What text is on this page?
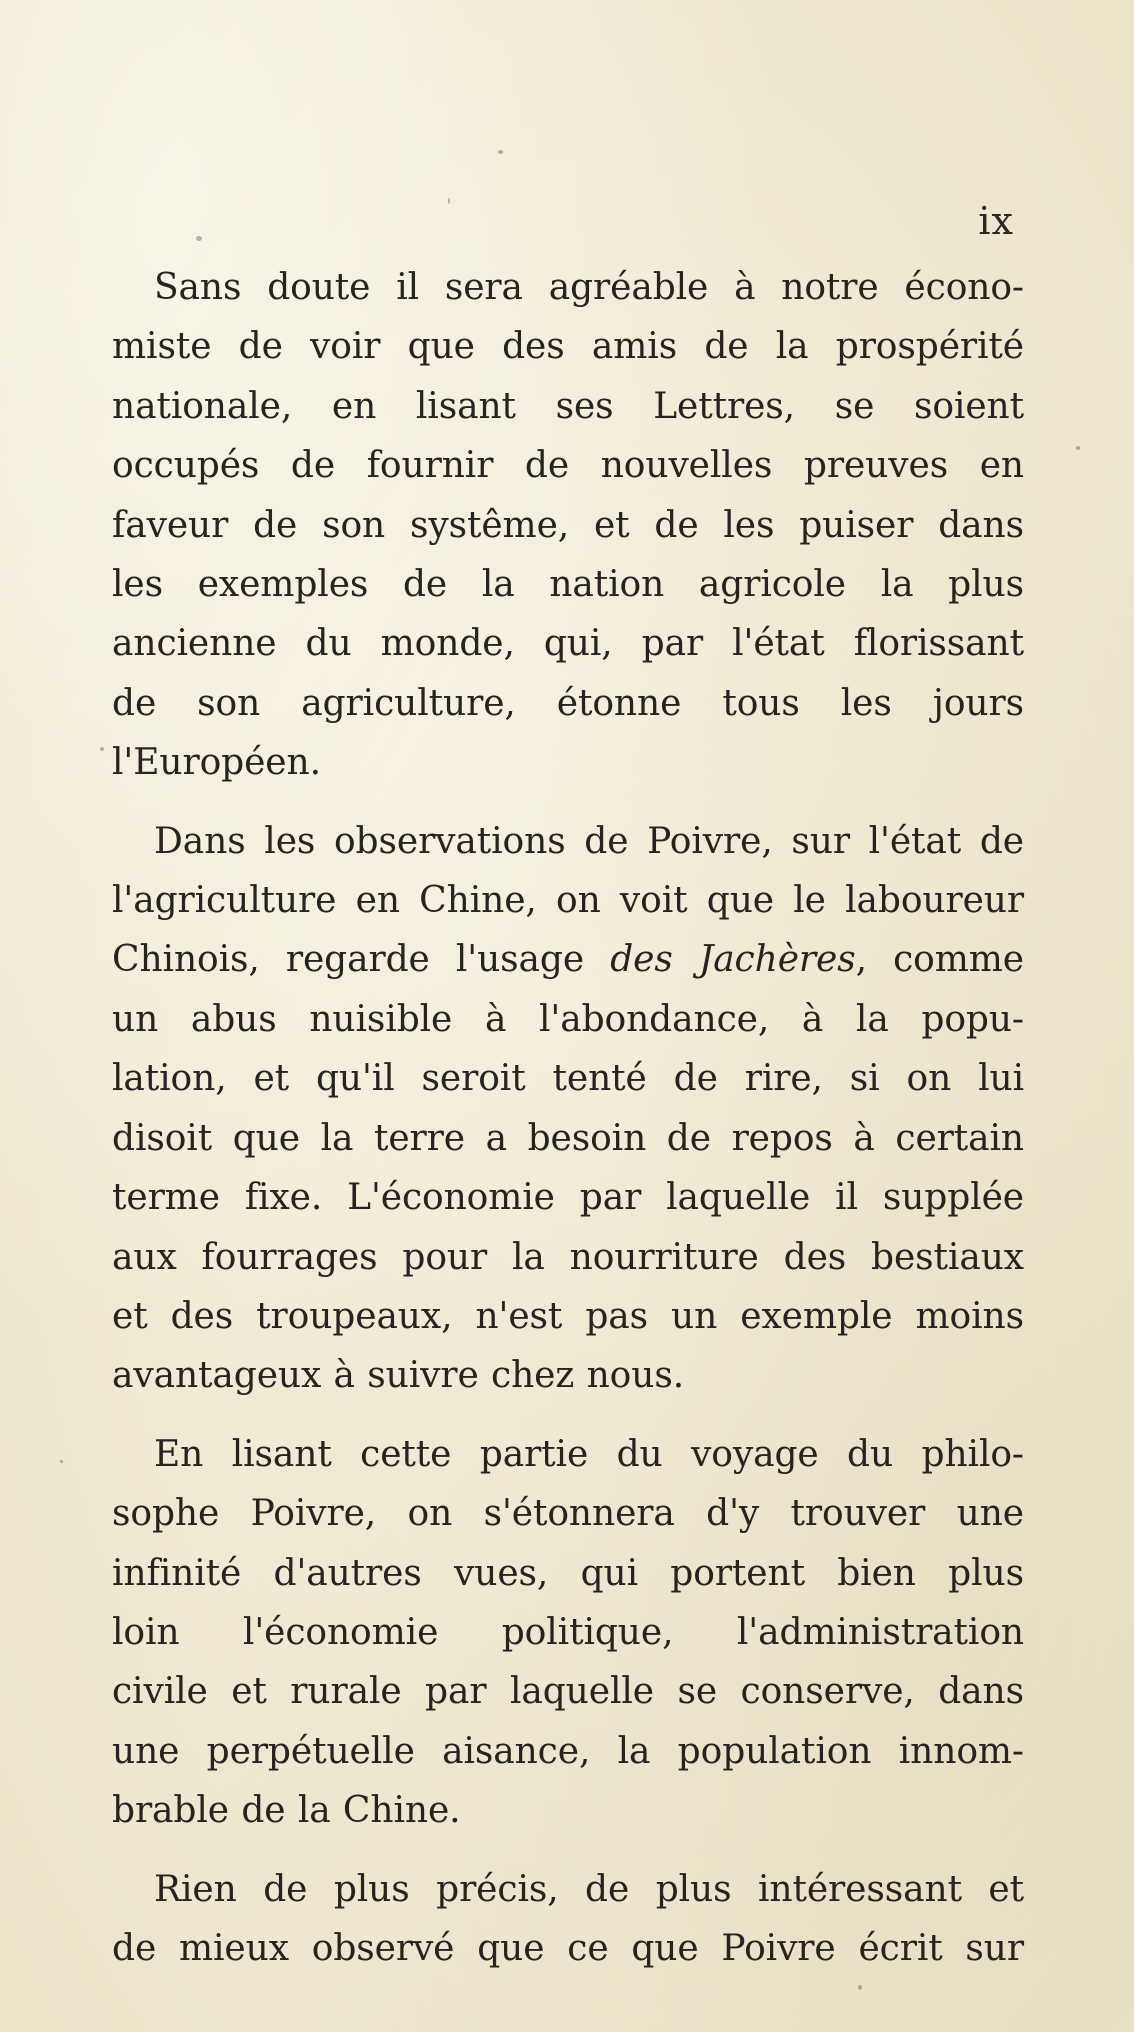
ix

Sans doute il sera agréable à notre écono-
miste de voir que des amis de la prospérité
nationale, en lisant ses Lettres, se soient
occupés de fournir de nouvelles preuves en
faveur de son systême, et de les puiser dans
les exemples de la nation agricole la plus
ancienne du monde, qui, par l'état florissant
de son agriculture, étonne tous les jours
l'Européen.

Dans les observations de Poivre, sur l'état de
l'agriculture en Chine, on voit que le laboureur
Chinois, regarde l'usage des Jachères, comme
un abus nuisible à l'abondance, à la popu-
lation, et qu'il seroit tenté de rire, si on lui
disoit que la terre a besoin de repos à certain
terme fixe. L'économie par laquelle il supplée
aux fourrages pour la nourriture des bestiaux
et des troupeaux, n'est pas un exemple moins
avantageux à suivre chez nous.

En lisant cette partie du voyage du philo-
sophe Poivre, on s'étonnera d'y trouver une
infinité d'autres vues, qui portent bien plus
loin l'économie politique, l'administration
civile et rurale par laquelle se conserve, dans
une perpétuelle aisance, la population innom-
brable de la Chine.

Rien de plus précis, de plus intéressant et
de mieux observé que ce que Poivre écrit sur
